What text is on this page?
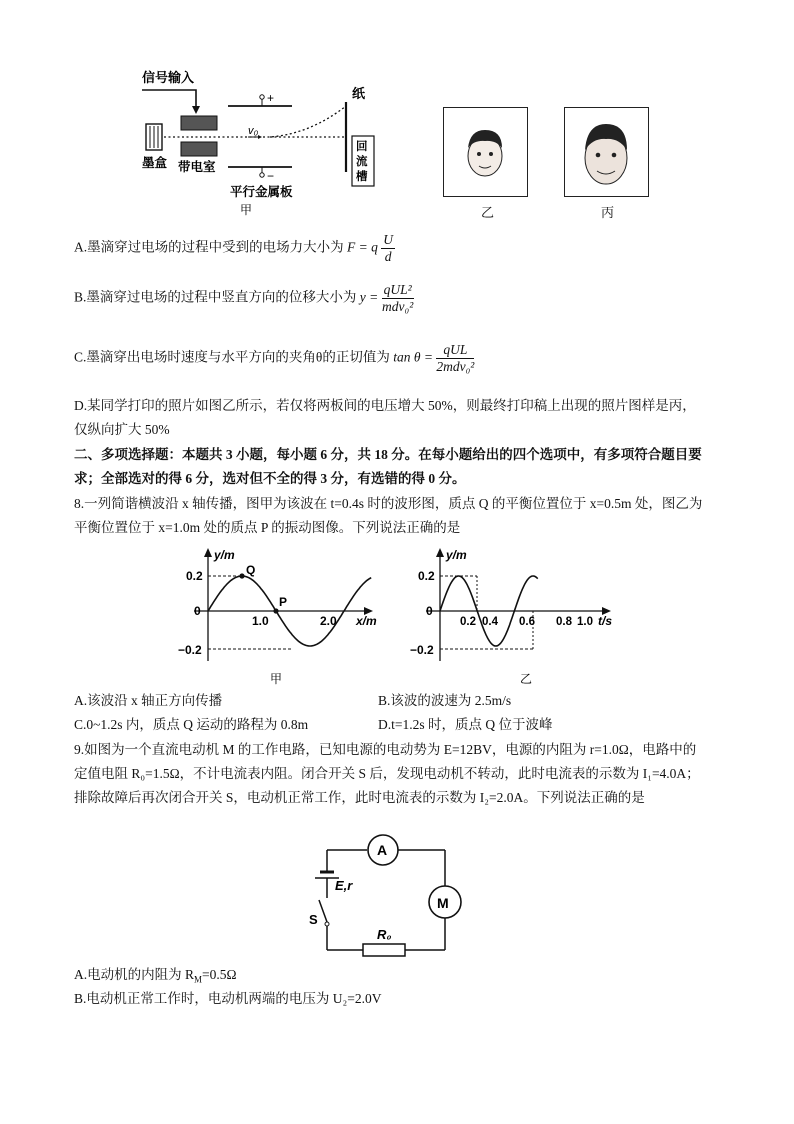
信号输入
墨盒 带电室
+
−
平行金属板
v₀
纸
回
流
槽
甲	乙	丙
A.墨滴穿过电场的过程中受到的电场力大小为 F = q $\frac{U}{d}$
B.墨滴穿过电场的过程中竖直方向的位移大小为 $y = \frac{\text{qUL²}}{\text{mdv₀²}}$
C.墨滴穿出电场时速度与水平方向的夹角θ的正切值为 $\tan \theta = \frac{\text{qUL}}{\text{2mdv₀²}}$
D.某同学打印的照片如图乙所示，若仅将两板间的电压增大 50%，则最终打印稿上出现的照片图样是丙，
仅纵向扩大 50%
二、多项选择题：本题共 3 小题，每小题 6 分，共 18 分。在每小题给出的四个选项中，有多项符合题目要
求；全部选对的得 6 分，选对但不全的得 3 分，有选错的得 0 分。
8.一列简谐横波沿 x 轴传播，图甲为该波在 t=0.4s 时的波形图，质点 Q 的平衡位置位于 x=0.5m 处，图乙为
平衡位置位于 x=1.0m 处的质点 P 的振动图像。下列说法正确的是
y/m
x/m
0.2
0
−0.2
1.0	2.0
Q
P
甲
y/m
t/s
0.2
0
−0.2
0.2 0.4 0.6 0.8 1.0
乙
A.该波沿 x 轴正方向传播	B.该波的波速为 2.5m/s
C.0~1.2s 内，质点 Q 运动的路程为 0.8m	D.t=1.2s 时，质点 Q 位于波峰
9.如图为一个直流电动机 M 的工作电路，已知电源的电动势为 E=12BV，电源的内阻为 r=1.0Ω，电路中的
定值电阻 R₀=1.5Ω，不计电流表内阻。闭合开关 S 后，发现电动机不转动，此时电流表的示数为 I₁=4.0A；
排除故障后再次闭合开关 S，电动机正常工作，此时电流表的示数为 I₂=2.0A。下列说法正确的是
A
M
R₀
S
E,r
A.电动机的内阻为 $R_M=0.5\Omega$
B.电动机正常工作时，电动机两端的电压为 U₂=2.0V
